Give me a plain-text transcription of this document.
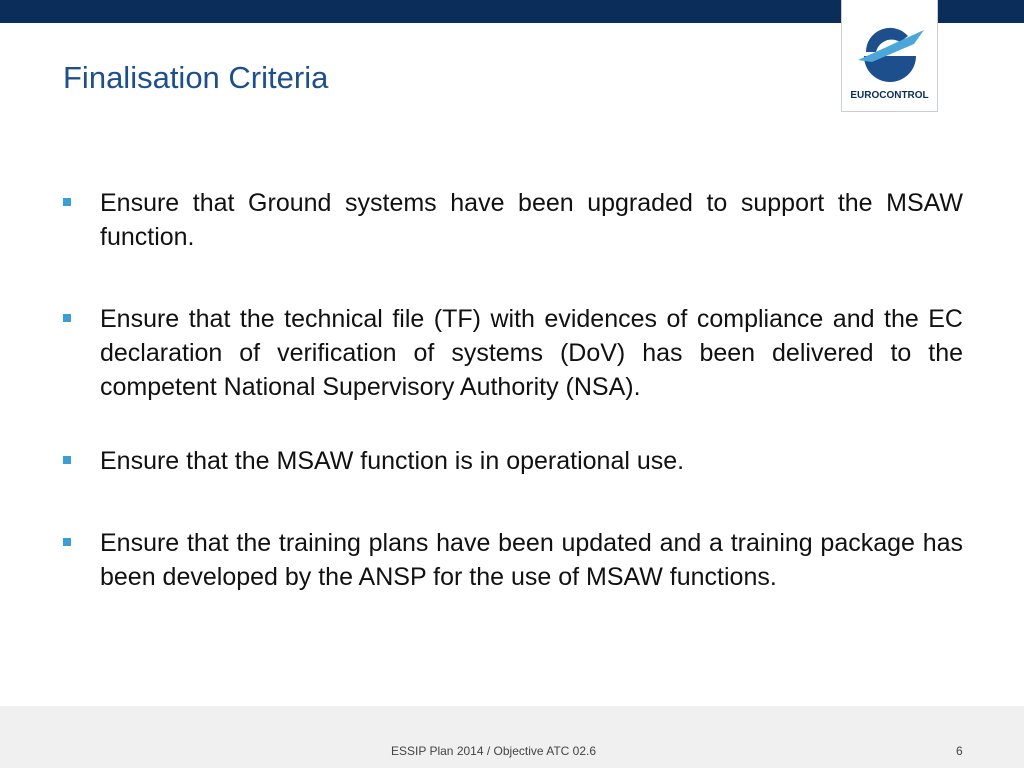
EUROCONTROL
Finalisation Criteria
Ensure that Ground systems have been upgraded to support the MSAW function.
Ensure that the technical file (TF) with evidences of compliance and the EC declaration of verification of systems (DoV) has been delivered to the competent National Supervisory Authority (NSA).
Ensure that the MSAW function is in operational use.
Ensure that the training plans have been updated and a training package has been developed by the ANSP for the use of MSAW functions.
ESSIP Plan 2014 / Objective ATC 02.6	6
